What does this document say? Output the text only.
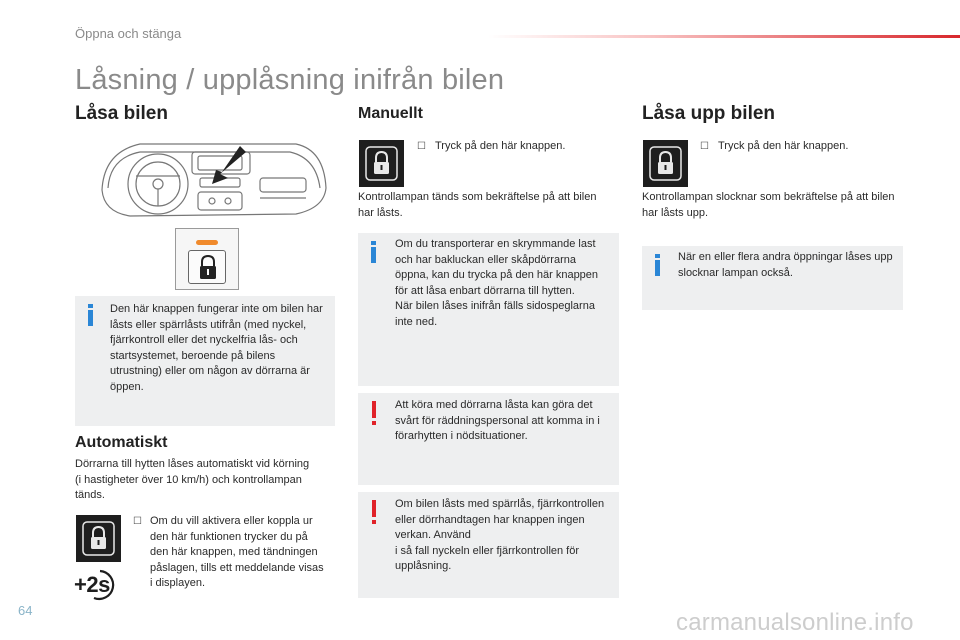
Öppna och stänga
Låsning / upplåsning inifrån bilen
Låsa bilen
Den här knappen fungerar inte om bilen har låsts eller spärrlåsts utifrån (med nyckel, fjärrkontroll eller det nyckelfria lås- och startsystemet, beroende på bilens utrustning) eller om någon av dörrarna är öppen.
Automatiskt
Dörrarna till hytten låses automatiskt vid körning (i hastigheter över 10 km/h) och kontrollampan tänds.
+2s
☐ Om du vill aktivera eller koppla ur den här funktionen trycker du på den här knappen, med tändningen påslagen, tills ett meddelande visas i displayen.
Manuellt
☐ Tryck på den här knappen.
Kontrollampan tänds som bekräftelse på att bilen har låsts.
Om du transporterar en skrymmande last och har bakluckan eller skåpdörrarna öppna, kan du trycka på den här knappen för att låsa enbart dörrarna till hytten.
När bilen låses inifrån fälls sidospeglarna inte ned.
Att köra med dörrarna låsta kan göra det svårt för räddningspersonal att komma in i förarhytten i nödsituationer.
Om bilen låsts med spärrlås, fjärrkontrollen eller dörrhandtagen har knappen ingen verkan. Använd
i så fall nyckeln eller fjärrkontrollen för upplåsning.
Låsa upp bilen
☐ Tryck på den här knappen.
Kontrollampan slocknar som bekräftelse på att bilen har låsts upp.
När en eller flera andra öppningar låses upp slocknar lampan också.
64	carmanualsonline.info
